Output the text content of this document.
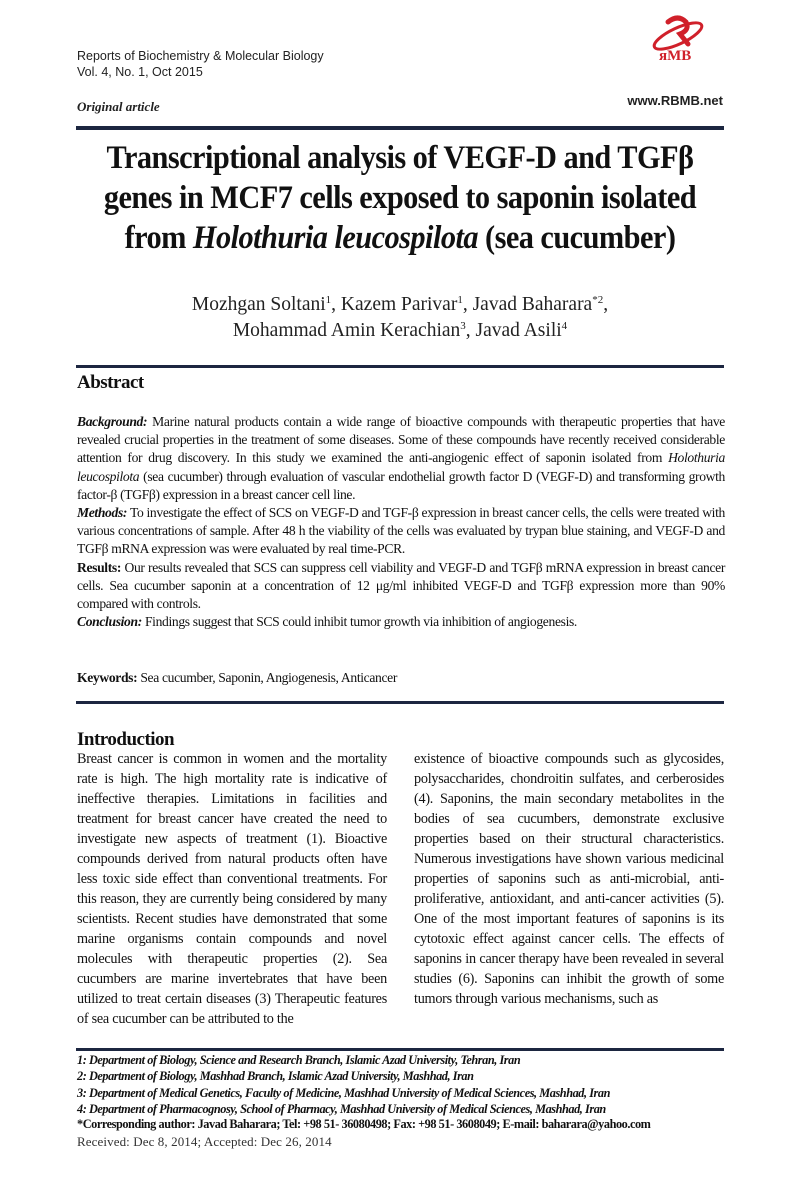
Reports of Biochemistry & Molecular Biology
Vol. 4, No. 1, Oct 2015
ᴙMB
Original article	www.RBMB.net
Transcriptional analysis of VEGF-D and TGFβ
genes in MCF7 cells exposed to saponin isolated
from Holothuria leucospilota (sea cucumber)
Mozhgan Soltani$^1$, Kazem Parivar$^1$, Javad Baharara$^{*2}$,
Mohammad Amin Kerachian$^3$, Javad Asili$^4$
Abstract

Background: Marine natural products contain a wide range of bioactive compounds with therapeutic properties that have revealed crucial properties in the treatment of some diseases. Some of these compounds have recently received considerable attention for drug discovery. In this study we examined the anti-angiogenic effect of saponin isolated from Holothuria leucospilota (sea cucumber) through evaluation of vascular endothelial growth factor D (VEGF-D) and transforming growth factor-β (TGFβ) expression in a breast cancer cell line.

Methods: To investigate the effect of SCS on VEGF-D and TGF-β expression in breast cancer cells, the cells were treated with various concentrations of sample. After 48 h the viability of the cells was evaluated by trypan blue staining, and VEGF-D and TGFβ mRNA expression was were evaluated by real time-PCR.

Results: Our results revealed that SCS can suppress cell viability and VEGF-D and TGFβ mRNA expression in breast cancer cells. Sea cucumber saponin at a concentration of 12 μg/ml inhibited VEGF-D and TGFβ expression more than 90% compared with controls.

Conclusion: Findings suggest that SCS could inhibit tumor growth via inhibition of angiogenesis.

Keywords: Sea cucumber, Saponin, Angiogenesis, Anticancer
Introduction

Breast cancer is common in women and the mortality rate is high. The high mortality rate is indicative of ineffective therapies. Limitations in facilities and treatment for breast cancer have created the need to investigate new aspects of treatment (1). Bioactive compounds derived from natural products often have less toxic side effect than conventional treatments. For this reason, they are currently being considered by many scientists. Recent studies have demonstrated that some marine organisms contain compounds and novel molecules with therapeutic properties (2). Sea cucumbers are marine invertebrates that have been utilized to treat certain diseases (3) Therapeutic features of sea cucumber can be attributed to the

existence of bioactive compounds such as glycosides, polysaccharides, chondroitin sulfates, and cerberosides (4). Saponins, the main secondary metabolites in the bodies of sea cucumbers, demonstrate exclusive properties based on their structural characteristics. Numerous investigations have shown various medicinal properties of saponins such as anti-microbial, anti-proliferative, antioxidant, and anti-cancer activities (5). One of the most important features of saponins is its cytotoxic effect against cancer cells. The effects of saponins in cancer therapy have been revealed in several studies (6). Saponins can inhibit the growth of some tumors through various mechanisms, such as

1: Department of Biology, Science and Research Branch, Islamic Azad University, Tehran, Iran
2: Department of Biology, Mashhad Branch, Islamic Azad University, Mashhad, Iran
3: Department of Medical Genetics, Faculty of Medicine, Mashhad University of Medical Sciences, Mashhad, Iran
4: Department of Pharmacognosy, School of Pharmacy, Mashhad University of Medical Sciences, Mashhad, Iran
*Corresponding author: Javad Baharara; Tel: +98 51- 36080498; Fax: +98 51- 3608049; E-mail: baharara@yahoo.com
Received: Dec 8, 2014; Accepted: Dec 26, 2014
